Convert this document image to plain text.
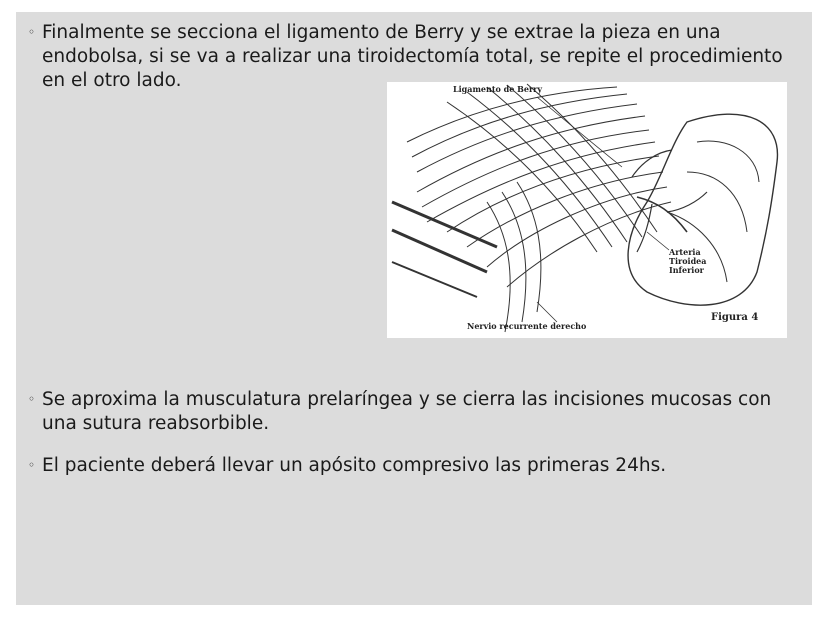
◦ Finalmente se secciona el ligamento de Berry y se extrae la pieza en una endobolsa, si se va a realizar una tiroidectomía total, se repite el procedimiento en el otro lado.	Ligamento de Berry
Arteria Tiroidea Inferior
Nervio recurrente derecho
Figura 4
◦ Se aproxima la musculatura prelaríngea y se cierra las incisiones mucosas con una sutura reabsorbible.
◦ El paciente deberá llevar un apósito compresivo las primeras 24hs.
